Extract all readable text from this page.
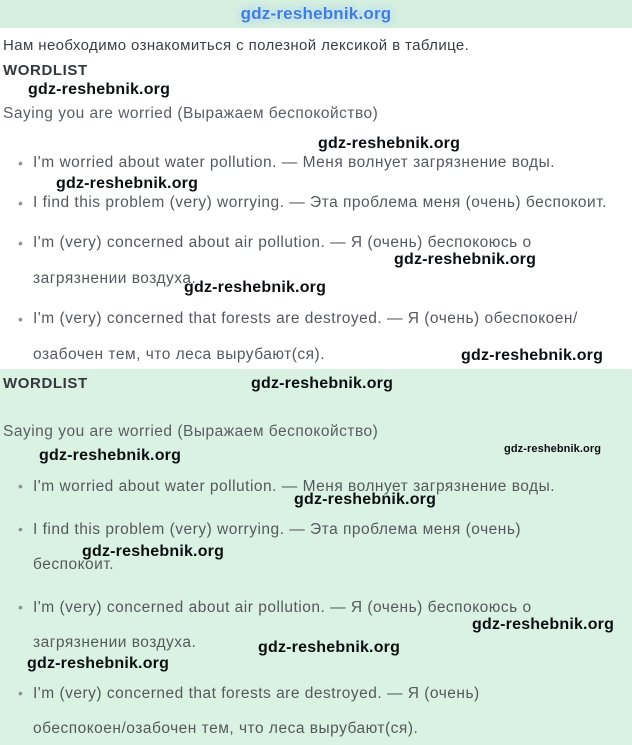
gdz-reshebnik.org

Нам необходимо ознакомиться с полезной лексикой в таблице.

WORDLIST

Saying you are worried (Выражаем беспокойство)

• I'm worried about water pollution. — Меня волнует загрязнение воды.
• I find this problem (very) worrying. — Эта проблема меня (очень) беспокоит.
• I'm (very) concerned about air pollution. — Я (очень) беспокоюсь о
загрязнении воздуха.
• I'm (very) concerned that forests are destroyed. — Я (очень) обеспокоен/
озабочен тем, что леса вырубают(ся).
WORDLIST

Saying you are worried (Выражаем беспокойство)

• I'm worried about water pollution. — Меня волнует загрязнение воды.
• I find this problem (very) worrying. — Эта проблема меня (очень)
беспокоит.
• I'm (very) concerned about air pollution. — Я (очень) беспокоюсь о
загрязнении воздуха.
• I'm (very) concerned that forests are destroyed. — Я (очень)
обеспокоен/озабочен тем, что леса вырубают(ся).
gdz-reshebnik.org
gdz-reshebnik.org
gdz-reshebnik.org
gdz-reshebnik.org
gdz-reshebnik.org
gdz-reshebnik.org
gdz-reshebnik.org
gdz-reshebnik.org
gdz-reshebnik.org
gdz-reshebnik.org
gdz-reshebnik.org
gdz-reshebnik.org
gdz-reshebnik.org
gdz-reshebnik.org
